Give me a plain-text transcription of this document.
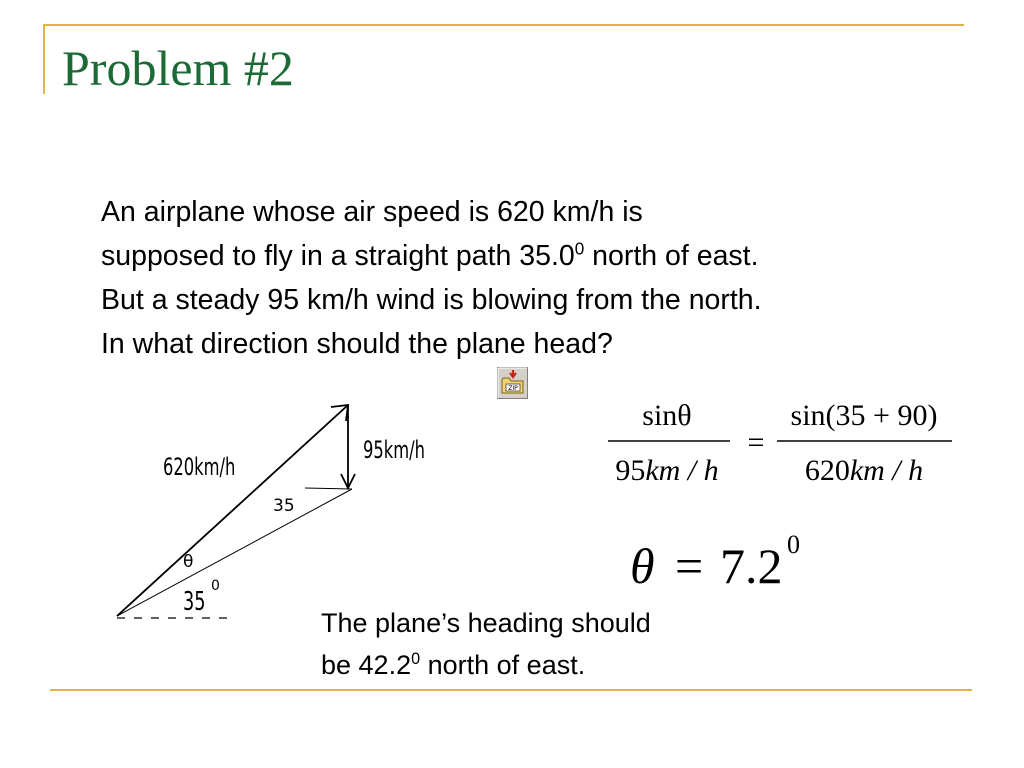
Problem #2
An airplane whose air speed is 620 km/h is
supposed to fly in a straight path 35.0$^0$ north of east.
But a steady 95 km/h wind is blowing from the north.
In what direction should the plane head?
ZIP
620km/h
95km/h
35
θ
35
0
sinθ
95km / h
=
sin(35 + 90)
620km / h
θ = 7.2 0
The plane’s heading should
be 42.2$^0$ north of east.
